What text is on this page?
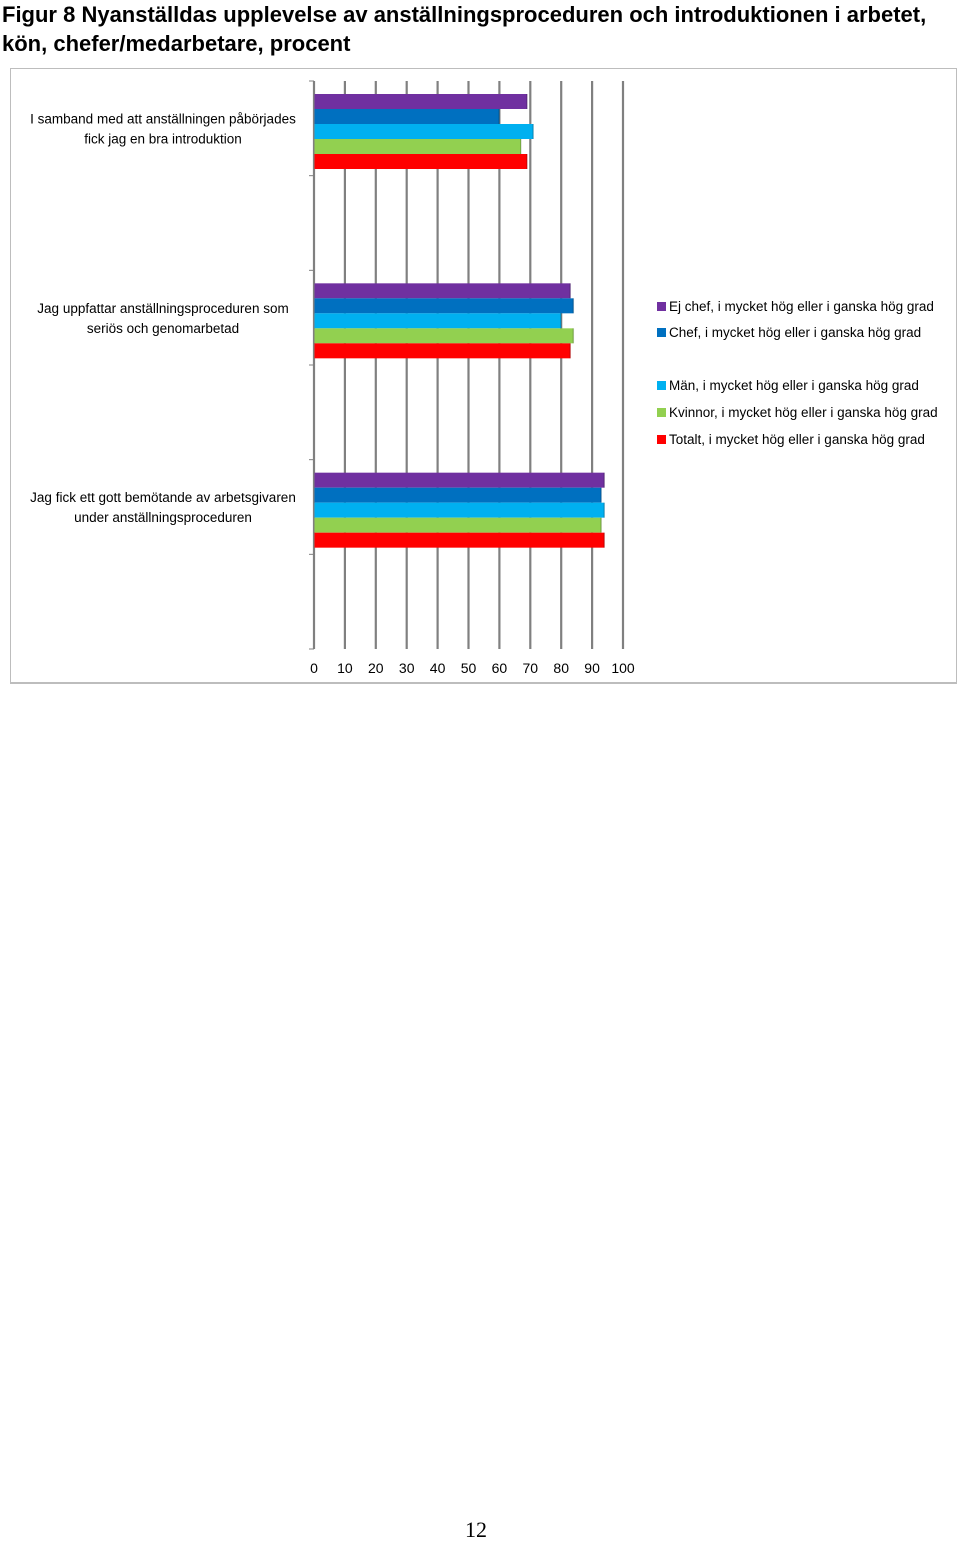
Figur 8 Nyanställdas upplevelse av anställningsproceduren och introduktionen i arbetet, kön, chefer/medarbetare, procent
I samband med att anställningen påbörjades
fick jag en bra introduktion
Jag uppfattar anställningsproceduren som
seriös och genomarbetad
Jag fick ett gott bemötande av arbetsgivaren
under anställningsproceduren
0 10 20 30 40 50 60 70 80 90 100
Ej chef, i mycket hög eller i ganska hög grad
Chef, i mycket hög eller i ganska hög grad
Män, i mycket hög eller i ganska hög grad
Kvinnor, i mycket hög eller i ganska hög grad
Totalt, i mycket hög eller i ganska hög grad
12
